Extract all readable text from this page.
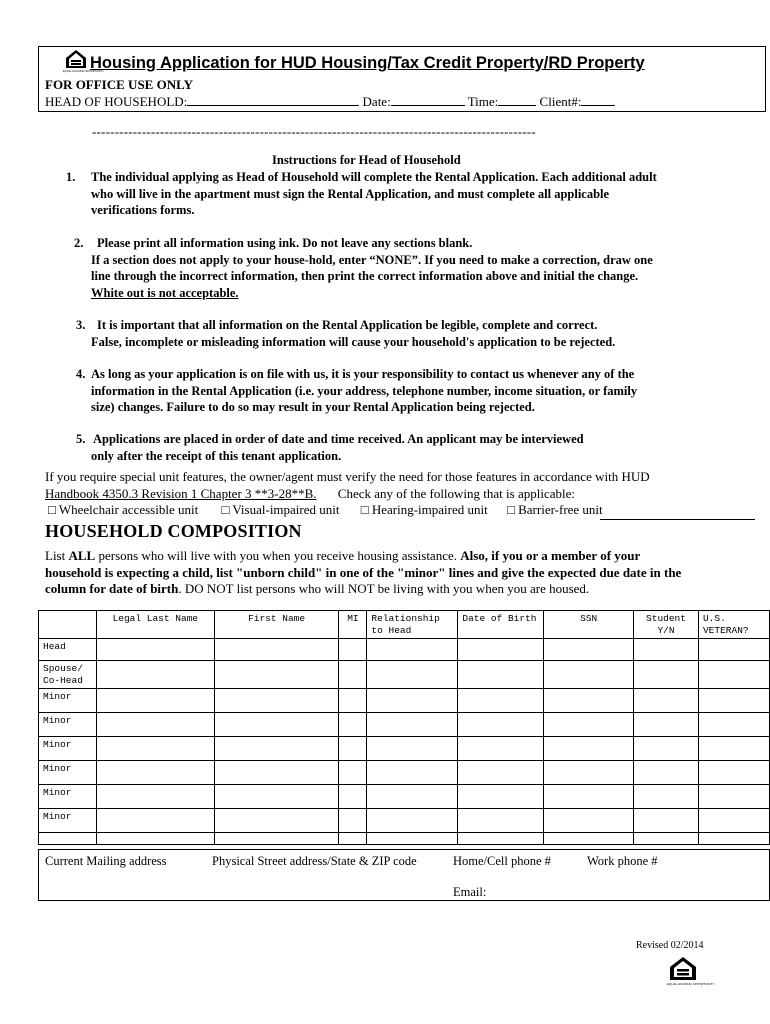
EQUAL HOUSING OPPORTUNITY
Housing Application for HUD Housing/Tax Credit Property/RD Property
FOR OFFICE USE ONLY
HEAD OF HOUSEHOLD:	Date:	Time:	Client#:
--------------------------------------------------------------------------------------------------
Instructions for Head of Household
1. The individual applying as Head of Household will complete the Rental Application. Each additional adult
who will live in the apartment must sign the Rental Application, and must complete all applicable
verifications forms.
2. Please print all information using ink. Do not leave any sections blank.
If a section does not apply to your house-hold, enter “NONE”. If you need to make a correction, draw one
line through the incorrect information, then print the correct information above and initial the change.
White out is not acceptable.
3. It is important that all information on the Rental Application be legible, complete and correct.
False, incomplete or misleading information will cause your household's application to be rejected.
4. As long as your application is on file with us, it is your responsibility to contact us whenever any of the
information in the Rental Application (i.e. your address, telephone number, income situation, or family
size) changes. Failure to do so may result in your Rental Application being rejected.
5. Applications are placed in order of date and time received. An applicant may be interviewed
only after the receipt of this tenant application.
If you require special unit features, the owner/agent must verify the need for those features in accordance with HUD
Handbook 4350.3 Revision 1 Chapter 3 **3-28**B. Check any of the following that is applicable:
□ Wheelchair accessible unit □ Visual-impaired unit □ Hearing-impaired unit □ Barrier-free unit
HOUSEHOLD COMPOSITION
List ALL persons who will live with you when you receive housing assistance. Also, if you or a member of your
household is expecting a child, list "unborn child" in one of the "minor" lines and give the expected due date in the
column for date of birth. DO NOT list persons who will NOT be living with you when you are housed.
	Legal Last Name	First Name	MI	Relationship to Head	Date of Birth	SSN	Student Y/N	U.S. VETERAN?
Head								
Spouse/ Co-Head								
Minor								
Minor								
Minor								
Minor								
Minor								
Minor								

Current Mailing address	Physical Street address/State & ZIP code	Home/Cell phone #	Work phone #
Email:
Revised 02/2014
EQUAL HOUSING OPPORTUNITY
